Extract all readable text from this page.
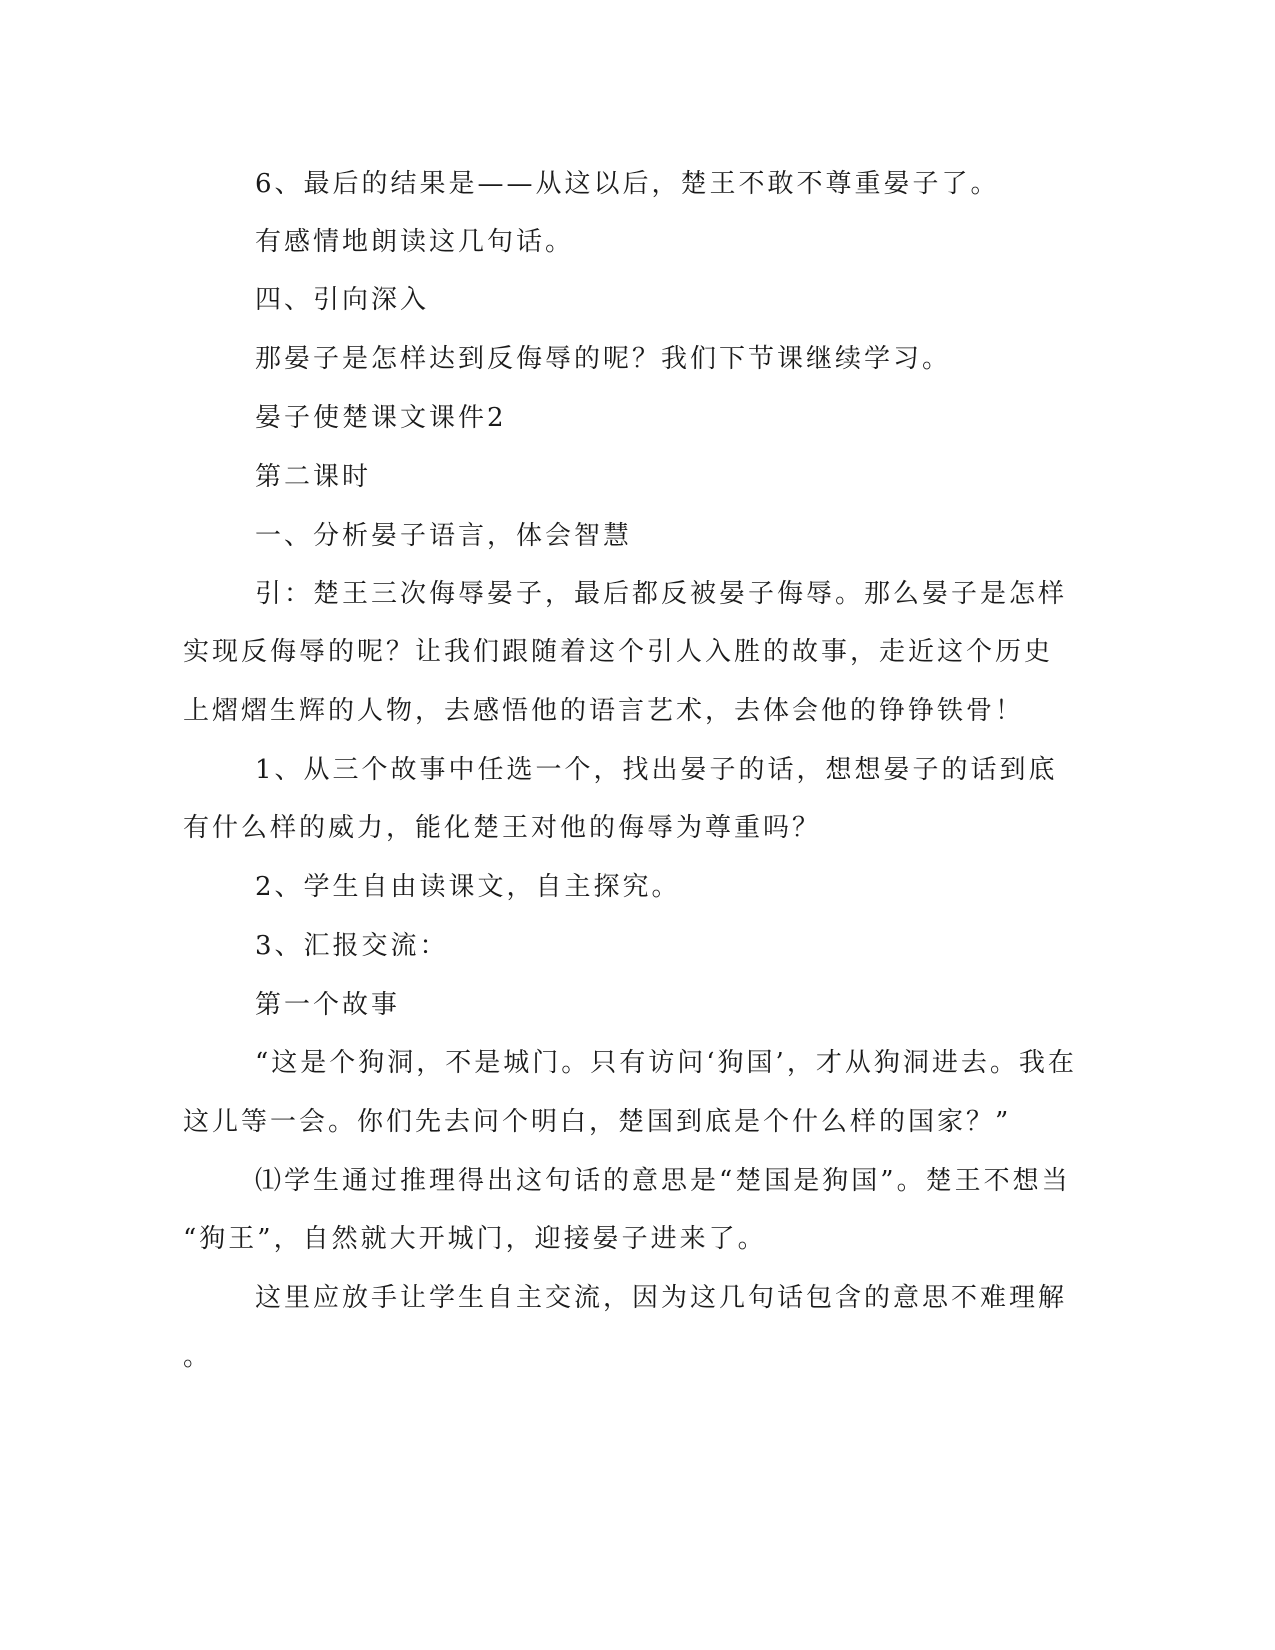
6、最后的结果是——从这以后，楚王不敢不尊重晏子了。
有感情地朗读这几句话。
四、引向深入
那晏子是怎样达到反侮辱的呢？我们下节课继续学习。
晏子使楚课文课件2
第二课时
一、分析晏子语言，体会智慧
引：楚王三次侮辱晏子，最后都反被晏子侮辱。那么晏子是怎样
实现反侮辱的呢？让我们跟随着这个引人入胜的故事，走近这个历史
上熠熠生辉的人物，去感悟他的语言艺术，去体会他的铮铮铁骨！
1、从三个故事中任选一个，找出晏子的话，想想晏子的话到底
有什么样的威力，能化楚王对他的侮辱为尊重吗？
2、学生自由读课文，自主探究。
3、汇报交流：
第一个故事
“这是个狗洞，不是城门。只有访问‘狗国’，才从狗洞进去。我在
这儿等一会。你们先去问个明白，楚国到底是个什么样的国家？”
⑴学生通过推理得出这句话的意思是“楚国是狗国”。楚王不想当
“狗王”，自然就大开城门，迎接晏子进来了。
这里应放手让学生自主交流，因为这几句话包含的意思不难理解
。
